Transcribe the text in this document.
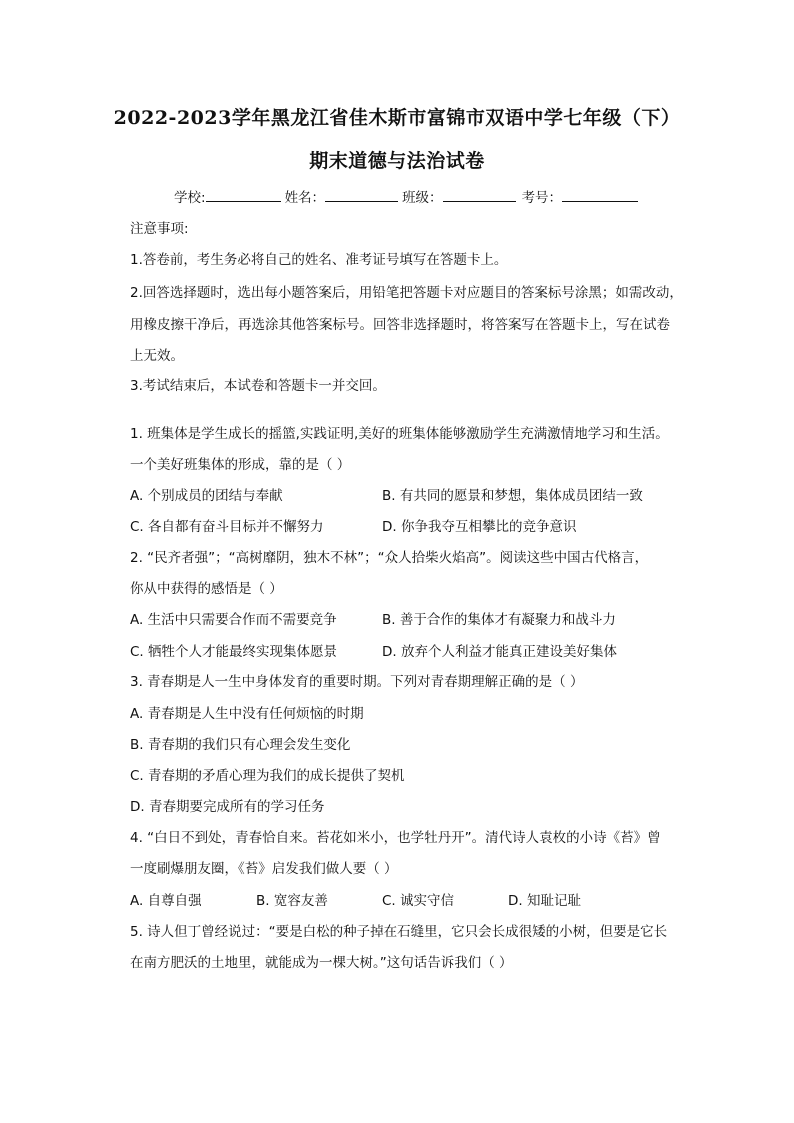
2022-2023学年黑龙江省佳木斯市富锦市双语中学七年级（下）
期末道德与法治试卷
学校:	姓名：	班级：	考号：
注意事项:
1.答卷前，考生务必将自己的姓名、准考证号填写在答题卡上。
2.回答选择题时，选出每小题答案后，用铅笔把答题卡对应题目的答案标号涂黑；如需改动，
用橡皮擦干净后，再选涂其他答案标号。回答非选择题时，将答案写在答题卡上，写在试卷
上无效。
3.考试结束后，本试卷和答题卡一并交回。
1. 班集体是学生成长的摇篮,实践证明,美好的班集体能够激励学生充满激情地学习和生活。
一个美好班集体的形成，靠的是（ ）
A. 个别成员的团结与奉献	B. 有共同的愿景和梦想，集体成员团结一致
C. 各自都有奋斗目标并不懈努力	D. 你争我夺互相攀比的竞争意识
2. “民齐者强”；“高树靡阴，独木不林”；“众人拾柴火焰高”。阅读这些中国古代格言，
你从中获得的感悟是（ ）
A. 生活中只需要合作而不需要竞争	B. 善于合作的集体才有凝聚力和战斗力
C. 牺牲个人才能最终实现集体愿景	D. 放弃个人利益才能真正建设美好集体
3. 青春期是人一生中身体发育的重要时期。下列对青春期理解正确的是（ ）
A. 青春期是人生中没有任何烦恼的时期
B. 青春期的我们只有心理会发生变化
C. 青春期的矛盾心理为我们的成长提供了契机
D. 青春期要完成所有的学习任务
4. “白日不到处，青春恰自来。苔花如米小，也学牡丹开”。清代诗人袁枚的小诗《苔》曾
一度刷爆朋友圈，《苔》启发我们做人要（ ）
A. 自尊自强	B. 宽容友善	C. 诚实守信	D. 知耻记耻
5. 诗人但丁曾经说过：“要是白松的种子掉在石缝里，它只会长成很矮的小树，但要是它长
在南方肥沃的土地里，就能成为一棵大树。”这句话告诉我们（ ）
